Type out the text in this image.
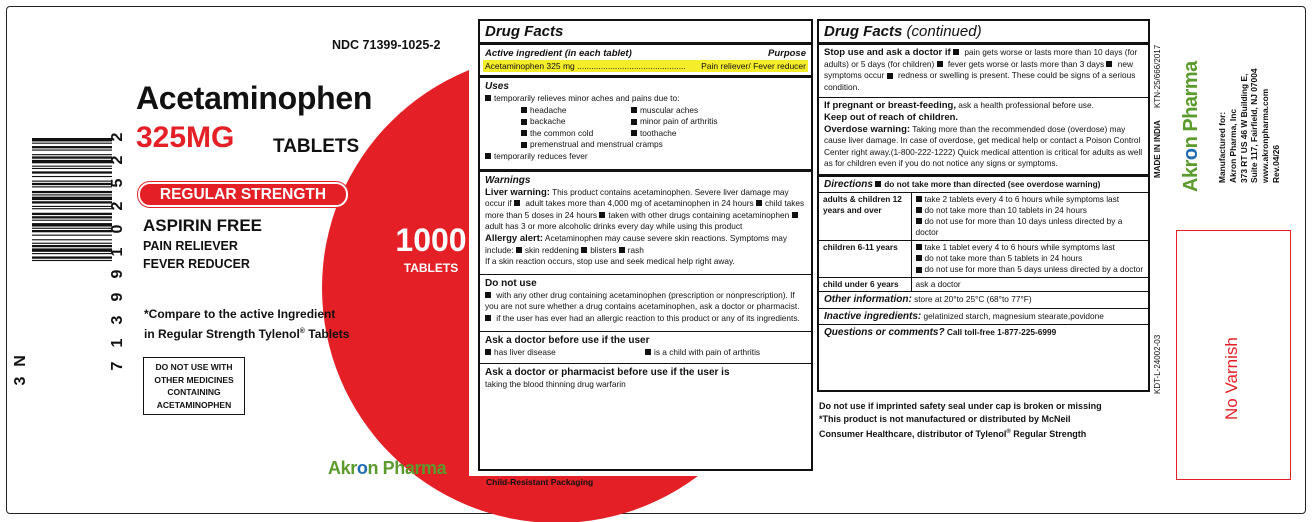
NDC 71399-1025-2
Acetaminophen
325MG TABLETS
REGULAR STRENGTH
ASPIRIN FREE
PAIN RELIEVER
FEVER REDUCER
*Compare to the active Ingredient
in Regular Strength Tylenol® Tablets
DO NOT USE WITH
OTHER MEDICINES
CONTAINING
ACETAMINOPHEN
1000
TABLETS
Akron Pharma
N
3
7
1
3
9
9
1
0
2
5
2
2
Drug Facts
Active ingredient (in each tablet)	Purpose
Acetaminophen 325 mg .............................................. Pain reliever/ Fever reducer
Uses
temporarily relieves minor aches and pains due to:
headache	muscular aches
backache	minor pain of arthritis
the common cold	toothache
premenstrual and menstrual cramps
temporarily reduces fever
Warnings
Liver warning: This product contains acetaminophen. Severe liver damage may occur if  adult takes more than 4,000 mg of acetaminophen in 24 hours child takes more than 5 doses in 24 hours taken with other drugs containing acetaminophen adult has 3 or more alcoholic drinks every day while using this product
Allergy alert: Acetaminophen may cause severe skin reactions. Symptoms may include: skin reddening blisters rash
If a skin reaction occurs, stop use and seek medical help right away.
Do not use
with any other drug containing acetaminophen (prescription or nonprescription). If you are not sure whether a drug contains acetaminophen, ask a doctor or pharmacist.  if the user has ever had an allergic reaction to this product or any of its ingredients.
Ask a doctor before use if the user
has liver disease	is a child with pain of arthritis
Ask a doctor or pharmacist before use if the user is
taking the blood thinning drug warfarin
Child-Resistant Packaging
Drug Facts (continued)
Stop use and ask a doctor if  pain gets worse or lasts more than 10 days (for adults) or 5 days (for children)  fever gets worse or lasts more than 3 days  new symptoms occur  redness or swelling is present. These could be signs of a serious condition.
If pregnant or breast-feeding, ask a health professional before use.
Keep out of reach of children.
Overdose warning: Taking more than the recommended dose (overdose) may cause liver damage. In case of overdose, get medical help or contact a Poison Control Center right away.(1-800-222-1222) Quick medical attention is critical for adults as well as for children even if you do not notice any signs or symptoms.
Directions do not take more than directed (see overdose warning)
adults & children 12 years and over	take 2 tablets every 4 to 6 hours while symptoms last
do not take more than 10 tablets in 24 hours
do not use for more than 10 days unless directed by a doctor

children 6-11 years	take 1 tablet every 4 to 6 hours while symptoms last
do not take more than 5 tablets in 24 hours
do not use for more than 5 days unless directed by a doctor

child under 6 years	ask a doctor
Other information: store at 20°to 25°C (68°to 77°F)
Inactive ingredients: gelatinized starch, magnesium stearate,povidone
Questions or comments? Call toll-free 1-877-225-6999
Do not use if imprinted safety seal under cap is broken or missing
*This product is not manufactured or distributed by McNeil
Consumer Healthcare, distributor of Tylenol® Regular Strength
KTN-25/666/2017
KDT-L-24002-03
MADE IN INDIA Akron Pharma Manufactured for: Akron Pharma, Inc 373 RT US 46 W Building E, Suite 117, Fairfield, NJ 07004 www.akronpharma.com Rev.04/26
No Varnish
